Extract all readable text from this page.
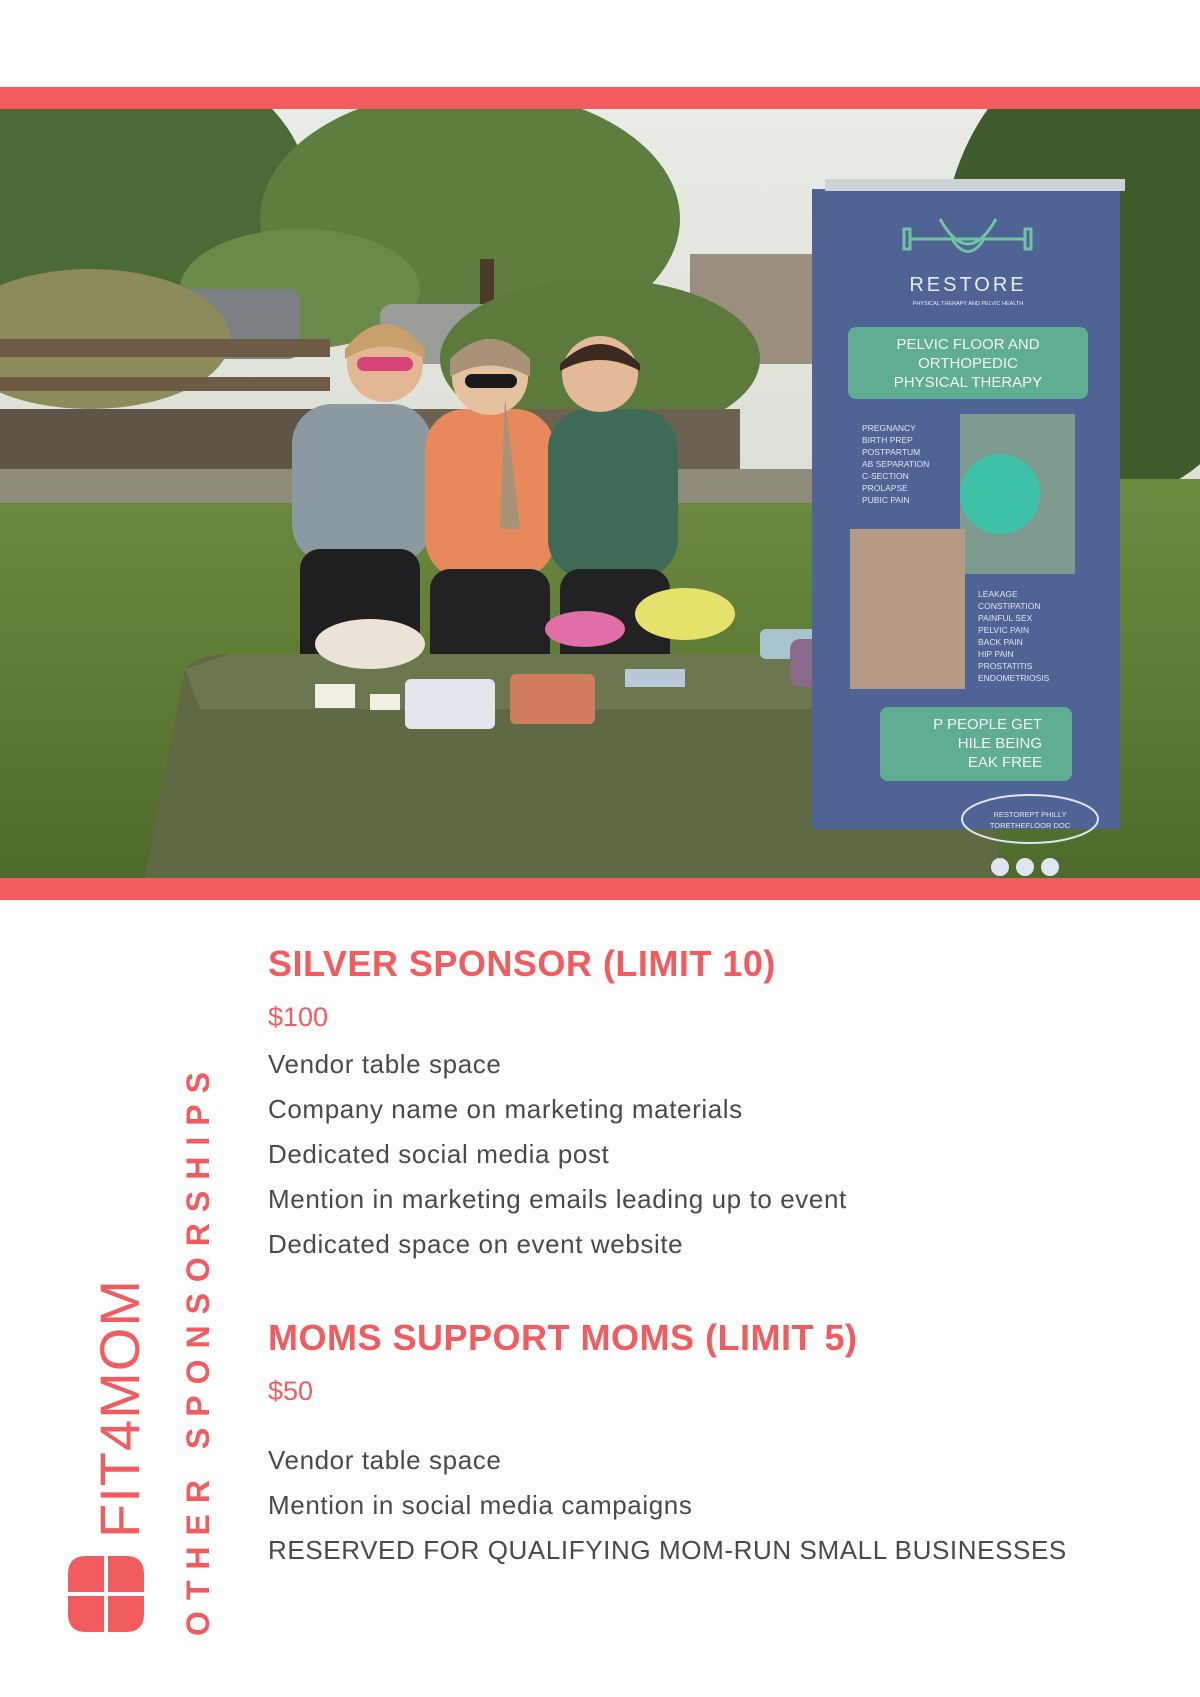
RESTORE
PHYSICAL THERAPY AND PELVIC HEALTH
PELVIC FLOOR AND
ORTHOPEDIC
PHYSICAL THERAPY
PREGNANCY
BIRTH PREP
POSTPARTUM
AB SEPARATION
C-SECTION
PROLAPSE
PUBIC PAIN
LEAKAGE
CONSTIPATION
PAINFUL SEX
PELVIC PAIN
BACK PAIN
HIP PAIN
PROSTATITIS
ENDOMETRIOSIS
P PEOPLE GET
HILE BEING
EAK FREE
RESTOREPT PHILLY
TORETHEFLOOR DOC
SILVER SPONSOR (LIMIT 10)

$100

Vendor table space

Company name on marketing materials

Dedicated social media post

Mention in marketing emails leading up to event

Dedicated space on event website

MOMS SUPPORT MOMS (LIMIT 5)

$50

Vendor table space

Mention in social media campaigns

RESERVED FOR QUALIFYING MOM-RUN SMALL BUSINESSES

OTHER SPONSORSHIPS
FIT4MOM
